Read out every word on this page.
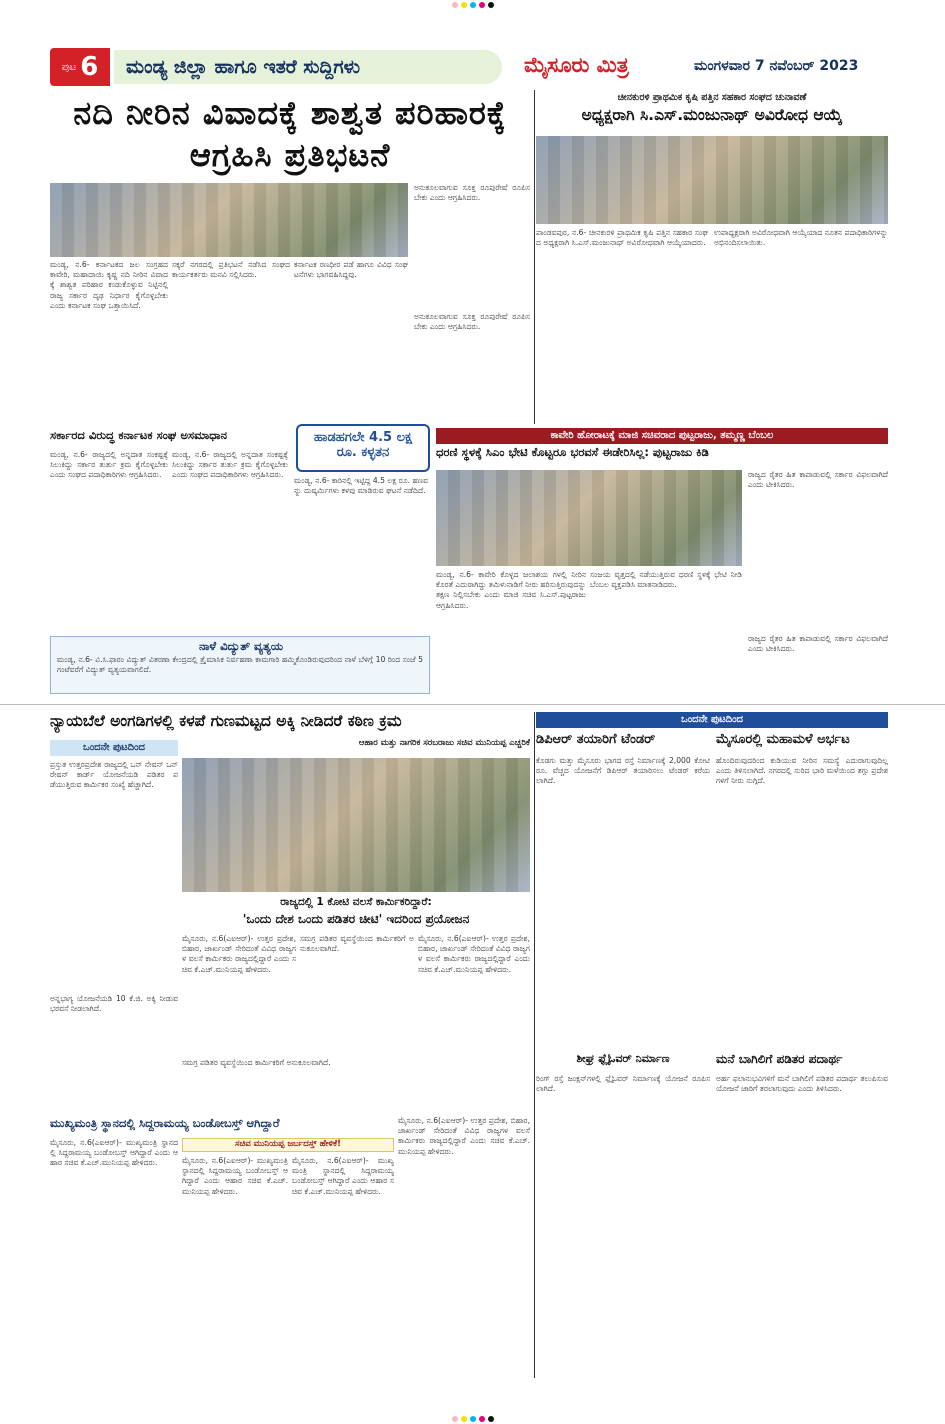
ಪುಟ 6	ಮಂಡ್ಯ ಜಿಲ್ಲಾ ಹಾಗೂ ಇತರೆ ಸುದ್ದಿಗಳು	ಮೈಸೂರು ಮಿತ್ರ	ಮಂಗಳವಾರ 7 ನವೆಂಬರ್ 2023
ನದಿ ನೀರಿನ ವಿವಾದಕ್ಕೆ ಶಾಶ್ವತ ಪರಿಹಾರಕ್ಕೆ ಆಗ್ರಹಿಸಿ ಪ್ರತಿಭಟನೆ
ಅನುಕೂಲವಾಗುವ ಸೂಕ್ತ ರೂಪುರೇಷೆ ರೂಪಿಸಬೇಕು ಎಂದು ಆಗ್ರಹಿಸಿದರು.
ಮಂಡ್ಯ, ನ.6- ಕರ್ನಾಟಕದ ಜಲ ಸಂಗ್ರಹದ ಕಾವೇರಿ, ಮಹಾದಾಯಿ ಕೃಷ್ಣ ನದಿ ನೀರಿನ ವಿವಾದಕ್ಕೆ ಶಾಶ್ವತ ಪರಿಹಾರ ಕಂಡುಕೊಳ್ಳುವ ನಿಟ್ಟಿನಲ್ಲಿ ರಾಜ್ಯ ಸರ್ಕಾರ ದೃಢ ನಿರ್ಧಾರ ಕೈಗೊಳ್ಳಬೇಕು ಎಂದು ಕರ್ನಾಟಕ ಸಂಘ ಒತ್ತಾಯಿಸಿದೆ.
ಸಕ್ಕರೆ ನಗರದಲ್ಲಿ ಪ್ರತಿಭಟನೆ ನಡೆಸಿದ ಸಂಘದ ಕಾರ್ಯಕರ್ತರು ಮನವಿ ಸಲ್ಲಿಸಿದರು.
ಕರ್ನಾಟಕ ರಣಧೀರ ಪಡೆ ಹಾಗೂ ವಿವಿಧ ಸಂಘಟನೆಗಳು ಭಾಗವಹಿಸಿದ್ದವು.
ಅನುಕೂಲವಾಗುವ ಸೂಕ್ತ ರೂಪುರೇಷೆ ರೂಪಿಸಬೇಕು ಎಂದು ಆಗ್ರಹಿಸಿದರು.
ಚೀನಕುರಳಿ ಪ್ರಾಥಮಿಕ ಕೃಷಿ ಪತ್ತಿನ ಸಹಕಾರ ಸಂಘದ ಚುನಾವಣೆ
ಅಧ್ಯಕ್ಷರಾಗಿ ಸಿ.ಎಸ್.ಮಂಜುನಾಥ್ ಅವಿರೋಧ ಆಯ್ಕೆ
ಪಾಂಡವಪುರ, ನ.6- ಚೀನಕುರಳಿ ಪ್ರಾಥಮಿಕ ಕೃಷಿ ಪತ್ತಿನ ಸಹಕಾರ ಸಂಘದ ಅಧ್ಯಕ್ಷರಾಗಿ ಸಿ.ಎಸ್.ಮಂಜುನಾಥ್ ಅವಿರೋಧವಾಗಿ ಆಯ್ಕೆಯಾದರು.
ಉಪಾಧ್ಯಕ್ಷರಾಗಿ ಅವಿರೋಧವಾಗಿ ಆಯ್ಕೆಯಾದ ನೂತನ ಪದಾಧಿಕಾರಿಗಳನ್ನು ಅಭಿನಂದಿಸಲಾಯಿತು.
ಸರ್ಕಾರದ ವಿರುದ್ಧ ಕರ್ನಾಟಕ ಸಂಘ ಅಸಮಾಧಾನ
ಮಂಡ್ಯ, ನ.6- ರಾಜ್ಯದಲ್ಲಿ ಅನ್ನದಾತ ಸಂಕಷ್ಟಕ್ಕೆ ಸಿಲುಕಿದ್ದು ಸರ್ಕಾರ ತುರ್ತು ಕ್ರಮ ಕೈಗೊಳ್ಳಬೇಕು ಎಂದು ಸಂಘದ ಪದಾಧಿಕಾರಿಗಳು ಆಗ್ರಹಿಸಿದರು.
ಮಂಡ್ಯ, ನ.6- ರಾಜ್ಯದಲ್ಲಿ ಅನ್ನದಾತ ಸಂಕಷ್ಟಕ್ಕೆ ಸಿಲುಕಿದ್ದು ಸರ್ಕಾರ ತುರ್ತು ಕ್ರಮ ಕೈಗೊಳ್ಳಬೇಕು ಎಂದು ಸಂಘದ ಪದಾಧಿಕಾರಿಗಳು ಆಗ್ರಹಿಸಿದರು.
ಹಾಡಹಗಲೇ 4.5 ಲಕ್ಷ ರೂ. ಕಳ್ಳತನ
ಮಂಡ್ಯ, ನ.6- ಕಾರಿನಲ್ಲಿ ಇಟ್ಟಿದ್ದ 4.5 ಲಕ್ಷ ರೂ. ಹಣವನ್ನು ದುಷ್ಕರ್ಮಿಗಳು ಕಳವು ಮಾಡಿರುವ ಘಟನೆ ನಡೆದಿದೆ.
ನಾಳೆ ವಿದ್ಯುತ್ ವ್ಯತ್ಯಯ
ಮಂಡ್ಯ, ನ.6- ವಿ.ಸಿ.ಫಾರಂ ವಿದ್ಯುತ್ ವಿತರಣಾ ಕೇಂದ್ರದಲ್ಲಿ ತ್ರೈಮಾಸಿಕ ನಿರ್ವಹಣಾ ಕಾಮಗಾರಿ ಹಮ್ಮಿಕೊಂಡಿರುವುದರಿಂದ ನಾಳೆ ಬೆಳಿಗ್ಗೆ 10 ರಿಂದ ಸಂಜೆ 5 ಗಂಟೆವರೆಗೆ ವಿದ್ಯುತ್ ವ್ಯತ್ಯಯವಾಗಲಿದೆ.
ಕಾವೇರಿ ಹೋರಾಟಕ್ಕೆ ಮಾಜಿ ಸಚಿವರಾದ ಪುಟ್ಟರಾಜು, ತಮ್ಮಣ್ಣ ಬೆಂಬಲ
ಧರಣಿ ಸ್ಥಳಕ್ಕೆ ಸಿಎಂ ಭೇಟಿ ಕೊಟ್ಟರೂ ಭರವಸೆ ಈಡೇರಿಸಿಲ್ಲ: ಪುಟ್ಟರಾಜು ಕಿಡಿ
ರಾಜ್ಯದ ರೈತರ ಹಿತ ಕಾಪಾಡುವಲ್ಲಿ ಸರ್ಕಾರ ವಿಫಲವಾಗಿದೆ ಎಂದು ಟೀಕಿಸಿದರು.
ಮಂಡ್ಯ, ನ.6- ಕಾವೇರಿ ಕೊಳ್ಳದ ಜಲಾಶಯ ಗಳಲ್ಲಿ ನೀರಿನ ಕೊರತೆ ಎದುರಾಗಿದ್ದು ತಮಿಳುನಾಡಿಗೆ ನೀರು ಹರಿಸುತ್ತಿರುವುದನ್ನು ತಕ್ಷಣ ನಿಲ್ಲಿಸಬೇಕು ಎಂದು ಮಾಜಿ ಸಚಿವ ಸಿ.ಎಸ್.ಪುಟ್ಟರಾಜು ಆಗ್ರಹಿಸಿದರು.
ಸಂಜಯ ವೃತ್ತದಲ್ಲಿ ನಡೆಯುತ್ತಿರುವ ಧರಣಿ ಸ್ಥಳಕ್ಕೆ ಭೇಟಿ ನೀಡಿ ಬೆಂಬಲ ವ್ಯಕ್ತಪಡಿಸಿ ಮಾತನಾಡಿದರು.
ರಾಜ್ಯದ ರೈತರ ಹಿತ ಕಾಪಾಡುವಲ್ಲಿ ಸರ್ಕಾರ ವಿಫಲವಾಗಿದೆ ಎಂದು ಟೀಕಿಸಿದರು.
ನ್ಯಾಯಬೆಲೆ ಅಂಗಡಿಗಳಲ್ಲಿ ಕಳಪೆ ಗುಣಮಟ್ಟದ ಅಕ್ಕಿ ನೀಡಿದರೆ ಕಠಿಣ ಕ್ರಮ
ಆಹಾರ ಮತ್ತು ನಾಗರಿಕ ಸರಬರಾಜು ಸಚಿವ ಮುನಿಯಪ್ಪ ಎಚ್ಚರಿಕೆ
ಒಂದನೇ ಪುಟದಿಂದ
ಪ್ರಸ್ತುತ ಉತ್ತರಪ್ರದೇಶ ರಾಜ್ಯದಲ್ಲಿ ಒನ್ ನೇಷನ್ ಒನ್ ರೇಷನ್ ಕಾರ್ಡ್ ಯೋಜನೆಯಡಿ ಪಡಿತರ ಪಡೆಯುತ್ತಿರುವ ಕಾರ್ಮಿಕರ ಸಂಖ್ಯೆ ಹೆಚ್ಚಾಗಿದೆ.
ಅನ್ನಭಾಗ್ಯ ಯೋಜನೆಯಡಿ 10 ಕೆ.ಜಿ. ಅಕ್ಕಿ ನೀಡುವ ಭರವಸೆ ನೀಡಲಾಗಿದೆ.
ರಾಜ್ಯದಲ್ಲಿ 1 ಕೋಟಿ ವಲಸೆ ಕಾರ್ಮಿಕರಿದ್ದಾರೆ:
'ಒಂದು ದೇಶ ಒಂದು ಪಡಿತರ ಚೀಟಿ' ಇದರಿಂದ ಪ್ರಯೋಜನ
ಮೈಸೂರು, ನ.6(ಎಐಆರ್)- ಉತ್ತರ ಪ್ರದೇಶ, ಬಿಹಾರ, ಜಾರ್ಖಂಡ್ ಸೇರಿದಂತೆ ವಿವಿಧ ರಾಜ್ಯಗಳ ವಲಸೆ ಕಾರ್ಮಿಕರು ರಾಜ್ಯದಲ್ಲಿದ್ದಾರೆ ಎಂದು ಸಚಿವ ಕೆ.ಎಚ್.ಮುನಿಯಪ್ಪ ಹೇಳಿದರು.
ಸಮಗ್ರ ಪಡಿತರ ವ್ಯವಸ್ಥೆಯಿಂದ ಕಾರ್ಮಿಕರಿಗೆ ಅನುಕೂಲವಾಗಿದೆ.
ಮೈಸೂರು, ನ.6(ಎಐಆರ್)- ಉತ್ತರ ಪ್ರದೇಶ, ಬಿಹಾರ, ಜಾರ್ಖಂಡ್ ಸೇರಿದಂತೆ ವಿವಿಧ ರಾಜ್ಯಗಳ ವಲಸೆ ಕಾರ್ಮಿಕರು ರಾಜ್ಯದಲ್ಲಿದ್ದಾರೆ ಎಂದು ಸಚಿವ ಕೆ.ಎಚ್.ಮುನಿಯಪ್ಪ ಹೇಳಿದರು.
ಸಮಗ್ರ ಪಡಿತರ ವ್ಯವಸ್ಥೆಯಿಂದ ಕಾರ್ಮಿಕರಿಗೆ ಅನುಕೂಲವಾಗಿದೆ.
ಮುಖ್ಯಮಂತ್ರಿ ಸ್ಥಾನದಲ್ಲಿ ಸಿದ್ದರಾಮಯ್ಯ ಬಂಡೋಬಸ್ತ್ ಆಗಿದ್ದಾರೆ
ಮೈಸೂರು, ನ.6(ಎಐಆರ್)- ಮುಖ್ಯಮಂತ್ರಿ ಸ್ಥಾನದಲ್ಲಿ ಸಿದ್ದರಾಮಯ್ಯ ಬಂಡೋಬಸ್ತ್ ಆಗಿದ್ದಾರೆ ಎಂದು ಆಹಾರ ಸಚಿವ ಕೆ.ಎಚ್.ಮುನಿಯಪ್ಪ ಹೇಳಿದರು.
ಸಚಿವ ಮುನಿಯಪ್ಪ ಜರ್ಬದಸ್ತ್ ಹೇಳಿಕೆ!
ಮೈಸೂರು, ನ.6(ಎಐಆರ್)- ಮುಖ್ಯಮಂತ್ರಿ ಸ್ಥಾನದಲ್ಲಿ ಸಿದ್ದರಾಮಯ್ಯ ಬಂಡೋಬಸ್ತ್ ಆಗಿದ್ದಾರೆ ಎಂದು ಆಹಾರ ಸಚಿವ ಕೆ.ಎಚ್.ಮುನಿಯಪ್ಪ ಹೇಳಿದರು.
ಮೈಸೂರು, ನ.6(ಎಐಆರ್)- ಮುಖ್ಯಮಂತ್ರಿ ಸ್ಥಾನದಲ್ಲಿ ಸಿದ್ದರಾಮಯ್ಯ ಬಂಡೋಬಸ್ತ್ ಆಗಿದ್ದಾರೆ ಎಂದು ಆಹಾರ ಸಚಿವ ಕೆ.ಎಚ್.ಮುನಿಯಪ್ಪ ಹೇಳಿದರು.
ಮೈಸೂರು, ನ.6(ಎಐಆರ್)- ಉತ್ತರ ಪ್ರದೇಶ, ಬಿಹಾರ, ಜಾರ್ಖಂಡ್ ಸೇರಿದಂತೆ ವಿವಿಧ ರಾಜ್ಯಗಳ ವಲಸೆ ಕಾರ್ಮಿಕರು ರಾಜ್ಯದಲ್ಲಿದ್ದಾರೆ ಎಂದು ಸಚಿವ ಕೆ.ಎಚ್.ಮುನಿಯಪ್ಪ ಹೇಳಿದರು.
ಒಂದನೇ ಪುಟದಿಂದ
ಡಿಪಿಆರ್ ತಯಾರಿಗೆ ಟೆಂಡರ್
ಕೊಡಗು ಮತ್ತು ಮೈಸೂರು ಭಾಗದ ರಸ್ತೆ ನಿರ್ಮಾಣಕ್ಕೆ 2,000 ಕೋಟಿ ರೂ. ವೆಚ್ಚದ ಯೋಜನೆಗೆ ಡಿಪಿಆರ್ ತಯಾರಿಸಲು ಟೆಂಡರ್ ಕರೆಯಲಾಗಿದೆ.
ಶೀಘ್ರ ಫ್ಲೈಓವರ್ ನಿರ್ಮಾಣ
ರಿಂಗ್ ರಸ್ತೆ ಜಂಕ್ಷನ್‌ಗಳಲ್ಲಿ ಫ್ಲೈಓವರ್ ನಿರ್ಮಾಣಕ್ಕೆ ಯೋಜನೆ ರೂಪಿಸಲಾಗಿದೆ.
ಮೈಸೂರಲ್ಲಿ ಮಹಾಮಳೆ ಅರ್ಭಟ
ಹೊಂದಿರುವುದರಿಂದ ಕುಡಿಯುವ ನೀರಿನ ಸಮಸ್ಯೆ ಎದುರಾಗುವುದಿಲ್ಲ ಎಂದು ತಿಳಿಸಲಾಗಿದೆ. ನಗರದಲ್ಲಿ ಸುರಿದ ಭಾರಿ ಮಳೆಯಿಂದ ತಗ್ಗು ಪ್ರದೇಶಗಳಿಗೆ ನೀರು ನುಗ್ಗಿದೆ.
ಮನೆ ಬಾಗಿಲಿಗೆ ಪಡಿತರ ಪದಾರ್ಥ
ಅರ್ಹ ಫಲಾನುಭವಿಗಳಿಗೆ ಮನೆ ಬಾಗಿಲಿಗೆ ಪಡಿತರ ಪದಾರ್ಥ ತಲುಪಿಸುವ ಯೋಜನೆ ಜಾರಿಗೆ ತರಲಾಗುವುದು ಎಂದು ತಿಳಿಸಿದರು.
